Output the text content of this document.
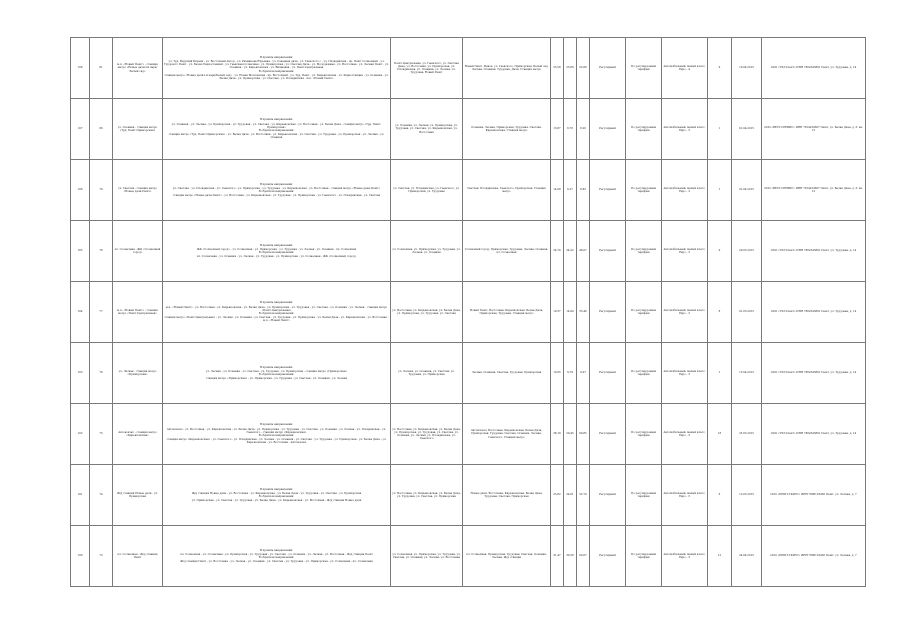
108	81	м.п. «Новый Пешт» - станция метро «Новые дачи-I-й парк/Белый сад»	В прямом направлении:
ул. Трд. Ведущий Кирьяк - ул. Восточный Автор - ул. Рахманова Юрьевна - ул. Северная дача - ул. Гаевского с - ул. Пловдивская - пр. Пешт Солнечный - ул. Трудового Пешт - ул. Белых Радиостанций - ул. Гаевская-Солнечная - ул. Приморская - ул. Светлая Дача - ул. Молодёжная - ул. Восточная - ул. Лесная Пешт - ул. Осенняя - ул. Кирьяковская - ул. Вишнёвая - ул. Пешт-Центральная
В обратном направлении:
станция метро «Новые дачи-I-й парк/Белый сад» - ул. Новая Московская - пр. Восточный - ул. Трд. Пешт - ул. Кирьяковская - ул. Радиостанция - ул. Осенняя - ул. Белая Дача - ул. Приморская - ул. Светлая - ул. Пловдивская - м.п. «Новый Пешт»	Пешт-Центральная, ул. Гаевского, ул. Светлая Дача, ул. Восточная, ул. Приморская, ул. Пловдивская, ул. Осенняя, ул. Лесная, ул. Трудовая, Новый Пешт	Новый Пешт, Рынок, ул. Гаевского, Приморская, Белый сад, Лесная, Осенняя, Трудовая, Дачи, Станция метро	25,58	25,89	52,80	Регулярный	По регулируемым тарифам	Автомобильный, малый класс, Евро - 4	9	10.04.2015	ООО «ТЭЛ-Пешт» ИНН 7802345891 Пешт, ул. Трудовая, д. 14
107	80	ул. Осенняя - станция метро «Трд. Пешт-Приморская»	В прямом направлении:
ул. Осенняя - ул. Лесная - ул. Приморская - ул. Трудовая - ул. Светлая - ул. Кирьяковская - ул. Восточная - ул. Белая Дача - станция метро «Трд. Пешт-Приморская»
В обратном направлении:
станция метро «Трд. Пешт-Приморская» - ул. Белая Дача - ул. Восточная - ул. Кирьяковская - ул. Светлая - ул. Трудовая - ул. Приморская - ул. Лесная - ул. Осенняя	ул. Осенняя, ул. Лесная, ул. Приморская, ул. Трудовая, ул. Светлая, ул. Кирьяковская, ул. Восточная	Осенняя, Лесная, Приморская, Трудовая, Светлая, Кирьяковская, Станция метро	13,87	6,76	8,20	Регулярный	По регулируемым тарифам	Автомобильный, малый класс, Евро - 3	1	01.04.2015	ООО «ВЕСТ-СЕРВИС» ИНН 7814234567 Пешт, ул. Белая Дача, д. 3, кв. 12
106	79	ул. Светлая - станция метро «Новые дачи-Пешт»	В прямом направлении:
ул. Светлая - ул. Пловдивская - ул. Гаевского - ул. Приморская - ул. Трудовая - ул. Кирьяковская - ул. Восточная - станция метро «Новые дачи-Пешт»
В обратном направлении:
станция метро «Новые дачи-Пешт» - ул. Восточная - ул. Кирьяковская - ул. Трудовая - ул. Приморская - ул. Гаевского - ул. Пловдивская - ул. Светлая	ул. Светлая, ул. Пловдивская, ул. Гаевского, ул. Приморская, ул. Трудовая	Светлая, Пловдивская, Гаевского, Приморская, Станция метро	14,08	6,27	8,83	Регулярный	По регулируемым тарифам	Автомобильный, малый класс, Евро - 3	1	01.04.2015	ООО «ВЕСТ-СЕРВИС» ИНН 7814234567 Пешт, ул. Белая Дача, д. 3, кв. 12
105	78	пл. Солнечная - ЖК «Солнечный город»	В прямом направлении:
ЖК «Солнечный город» - ул. Солнечная - ул. Приморская - ул. Трудовая - ул. Лесная - ул. Осенняя - пл. Солнечная
В обратном направлении:
пл. Солнечная - ул. Осенняя - ул. Лесная - ул. Трудовая - ул. Приморская - ул. Солнечная - ЖК «Солнечный город»	ул. Солнечная, ул. Приморская, ул. Трудовая, ул. Лесная, ул. Осенняя	Солнечный город, Приморская, Трудовая, Лесная, Осенняя, пл. Солнечная	24,74	24,22	48,07	Регулярный	По регулируемым тарифам	Автомобильный, малый класс, Евро - 3	9	20.05.2015	ООО «ТЭЛ-Пешт» ИНН 7802345891 Пешт, ул. Трудовая, д. 14
104	77	м.п. «Новый Пешт» - станция метро «Пешт-Центральная»	В прямом направлении:
м.п. «Новый Пешт» - ул. Восточная - ул. Кирьяковская - ул. Белая Дача - ул. Приморская - ул. Трудовая - ул. Светлая - ул. Осенняя - ул. Лесная - станция метро «Пешт-Центральная»
В обратном направлении:
станция метро «Пешт-Центральная» - ул. Лесная - ул. Осенняя - ул. Светлая - ул. Трудовая - ул. Приморская - ул. Белая Дача - ул. Кирьяковская - ул. Восточная - м.п. «Новый Пешт»	ул. Восточная, ул. Кирьяковская, ул. Белая Дача, ул. Приморская, ул. Трудовая, ул. Светлая	Новый Пешт, Восточная, Кирьяковская, Белая Дача, Приморская, Трудовая, Станция метро	19,37	14,09	33,46	Регулярный	По регулируемым тарифам	Автомобильный, малый класс, Евро - 3	8	01.05.2015	ООО «ТЭЛ-Пешт» ИНН 7802345891 Пешт, ул. Трудовая, д. 14
103	76	ул. Лесная - станция метро «Приморская»	В прямом направлении:
ул. Лесная - ул. Осенняя - ул. Светлая - ул. Трудовая - ул. Приморская - станция метро «Приморская»
В обратном направлении:
станция метро «Приморская» - ул. Приморская - ул. Трудовая - ул. Светлая - ул. Осенняя - ул. Лесная	ул. Лесная, ул. Осенняя, ул. Светлая, ул. Трудовая, ул. Приморская	Лесная, Осенняя, Светлая, Трудовая, Приморская	10,05	9,79	9,07	Регулярный	По регулируемым тарифам	Автомобильный, малый класс, Евро - 3	1	15.04.2015	ООО «ТЭЛ-Пешт» ИНН 7802345891 Пешт, ул. Трудовая, д. 14
102	75	Автовокзал - станция метро «Кирьяковская»	В прямом направлении:
Автовокзал - ул. Восточная - ул. Кирьяковская - ул. Белая Дача - ул. Приморская - ул. Трудовая - ул. Светлая - ул. Осенняя - ул. Лесная - ул. Пловдивская - ул. Гаевского - станция метро «Кирьяковская»
В обратном направлении:
станция метро «Кирьяковская» - ул. Гаевского - ул. Пловдивская - ул. Лесная - ул. Осенняя - ул. Светлая - ул. Трудовая - ул. Приморская - ул. Белая Дача - ул. Кирьяковская - ул. Восточная - Автовокзал	ул. Восточная, ул. Кирьяковская, ул. Белая Дача, ул. Приморская, ул. Трудовая, ул. Светлая, ул. Осенняя, ул. Лесная, ул. Пловдивская, ул. Гаевского	Автовокзал, Восточная, Кирьяковская, Белая Дача, Приморская, Трудовая, Светлая, Осенняя, Лесная, Гаевского, Станция метро	38,18	29,45	69,85	Регулярный	По регулируемым тарифам	Автомобильный, малый класс, Евро - 3	18	25.05.2015	ООО «ТЭЛ-Пешт» ИНН 7802345891 Пешт, ул. Трудовая, д. 14
101	74	Ж/д станция Новые дачи - ул. Приморская	В прямом направлении:
Ж/д станция Новые дачи - ул. Восточная - ул. Кирьяковская - ул. Белая Дача - ул. Трудовая - ул. Светлая - ул. Приморская
В обратном направлении:
ул. Приморская - ул. Светлая - ул. Трудовая - ул. Белая Дача - ул. Кирьяковская - ул. Восточная - Ж/д станция Новые дачи	ул. Восточная, ул. Кирьяковская, ул. Белая Дача, ул. Трудовая, ул. Светлая, ул. Приморская	Новые дачи, Восточная, Кирьяковская, Белая Дача, Трудовая, Светлая, Приморская	25,82	24,61	52,70	Регулярный	По регулируемым тарифам	Автомобильный, малый класс, Евро - 3	6	12.05.2015	ООО «ПЕШТ-ТРАНС» ИНН 7806123456 Пешт, ул. Лесная, д. 7
100	73	пл. Солнечная - Ж/д станция Пешт	В прямом направлении:
пл. Солнечная - ул. Солнечная - ул. Приморская - ул. Трудовая - ул. Светлая - ул. Осенняя - ул. Лесная - ул. Восточная - Ж/д станция Пешт
В обратном направлении:
Ж/д станция Пешт - ул. Восточная - ул. Лесная - ул. Осенняя - ул. Светлая - ул. Трудовая - ул. Приморская - ул. Солнечная - пл. Солнечная	ул. Солнечная, ул. Приморская, ул. Трудовая, ул. Светлая, ул. Осенняя, ул. Лесная, ул. Восточная	пл. Солнечная, Приморская, Трудовая, Светлая, Осенняя, Лесная, Ж/д станция	31,47	30,58	60,07	Регулярный	По регулируемым тарифам	Автомобильный, малый класс, Евро - 3	12	24.04.2015	ООО «ПЕШТ-ТРАНС» ИНН 7806123456 Пешт, ул. Лесная, д. 7
